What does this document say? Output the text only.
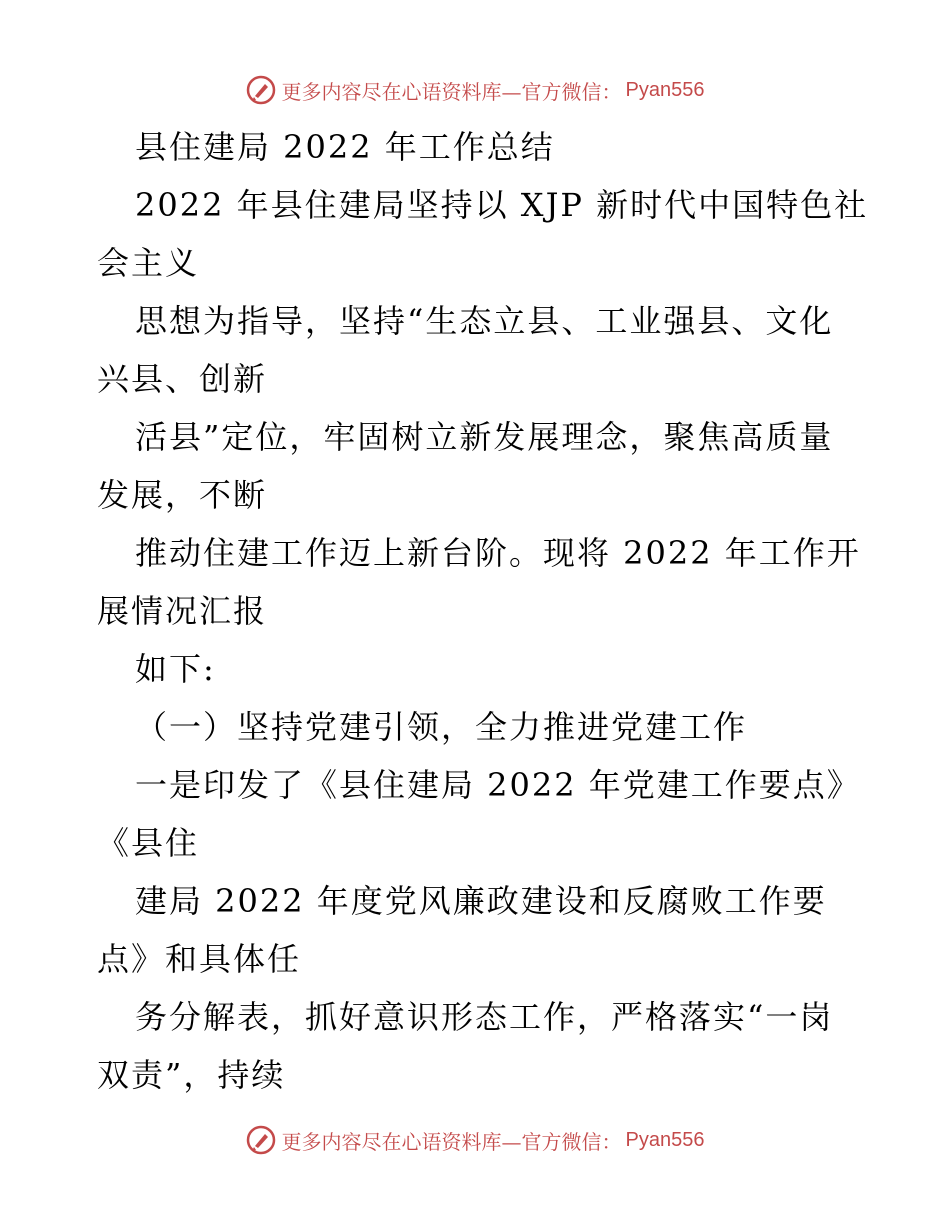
更多内容尽在心语资料库—官方微信： Pyan556
县住建局 2022 年工作总结
2022 年县住建局坚持以 XJP 新时代中国特色社
会主义
思想为指导，坚持“生态立县、工业强县、文化
兴县、创新
活县”定位，牢固树立新发展理念，聚焦高质量
发展，不断
推动住建工作迈上新台阶。现将 2022 年工作开
展情况汇报
如下:
（一）坚持党建引领，全力推进党建工作
一是印发了《县住建局 2022 年党建工作要点》
《县住
建局 2022 年度党风廉政建设和反腐败工作要
点》和具体任
务分解表，抓好意识形态工作，严格落实“一岗
双责”，持续
更多内容尽在心语资料库—官方微信： Pyan556
